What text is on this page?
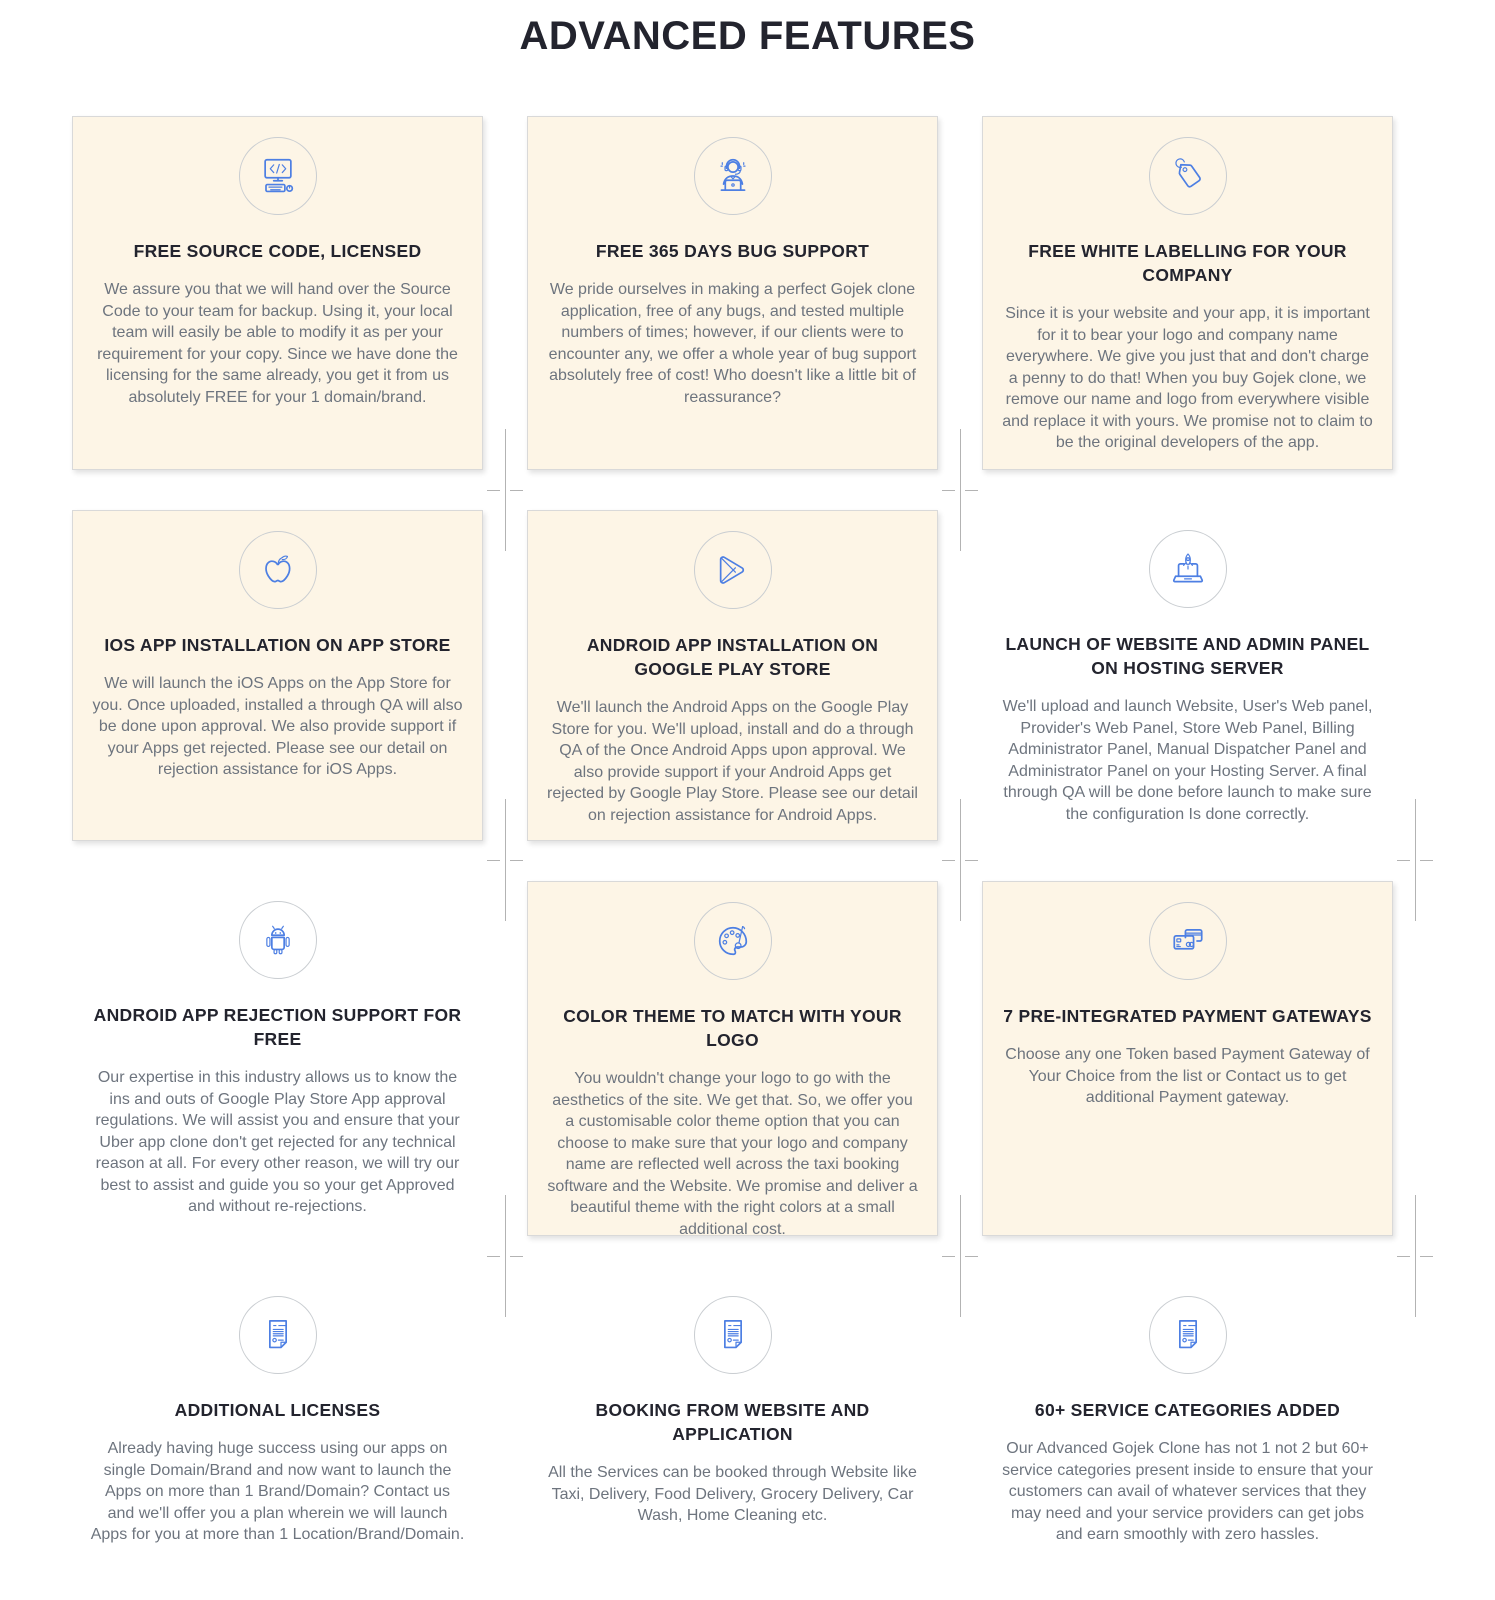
ADVANCED FEATURES
FREE SOURCE CODE, LICENSED

We assure you that we will hand over the Source Code to your team for backup. Using it, your local team will easily be able to modify it as per your requirement for your copy. Since we have done the licensing for the same already, you get it from us absolutely FREE for your 1 domain/brand.

FREE 365 DAYS BUG SUPPORT

We pride ourselves in making a perfect Gojek clone application, free of any bugs, and tested multiple numbers of times; however, if our clients were to encounter any, we offer a whole year of bug support absolutely free of cost! Who doesn't like a little bit of reassurance?

FREE WHITE LABELLING FOR YOUR COMPANY

Since it is your website and your app, it is important for it to bear your logo and company name everywhere. We give you just that and don't charge a penny to do that! When you buy Gojek clone, we remove our name and logo from everywhere visible and replace it with yours. We promise not to claim to be the original developers of the app.

IOS APP INSTALLATION ON APP STORE

We will launch the iOS Apps on the App Store for you. Once uploaded, installed a through QA will also be done upon approval. We also provide support if your Apps get rejected. Please see our detail on rejection assistance for iOS Apps.

ANDROID APP INSTALLATION ON GOOGLE PLAY STORE

We'll launch the Android Apps on the Google Play Store for you. We'll upload, install and do a through QA of the Once Android Apps upon approval. We also provide support if your Android Apps get rejected by Google Play Store. Please see our detail on rejection assistance for Android Apps.

LAUNCH OF WEBSITE AND ADMIN PANEL ON HOSTING SERVER

We'll upload and launch Website, User's Web panel, Provider's Web Panel, Store Web Panel, Billing Administrator Panel, Manual Dispatcher Panel and Administrator Panel on your Hosting Server. A final through QA will be done before launch to make sure the configuration Is done correctly.

ANDROID APP REJECTION SUPPORT FOR FREE

Our expertise in this industry allows us to know the ins and outs of Google Play Store App approval regulations. We will assist you and ensure that your Uber app clone don't get rejected for any technical reason at all. For every other reason, we will try our best to assist and guide you so your get Approved and without re-rejections.

COLOR THEME TO MATCH WITH YOUR LOGO

You wouldn't change your logo to go with the aesthetics of the site. We get that. So, we offer you a customisable color theme option that you can choose to make sure that your logo and company name are reflected well across the taxi booking software and the Website. We promise and deliver a beautiful theme with the right colors at a small additional cost.

7 PRE-INTEGRATED PAYMENT GATEWAYS

Choose any one Token based Payment Gateway of Your Choice from the list or Contact us to get additional Payment gateway.

ADDITIONAL LICENSES

Already having huge success using our apps on single Domain/Brand and now want to launch the Apps on more than 1 Brand/Domain? Contact us and we'll offer you a plan wherein we will launch Apps for you at more than 1 Location/Brand/Domain.

BOOKING FROM WEBSITE AND APPLICATION

All the Services can be booked through Website like Taxi, Delivery, Food Delivery, Grocery Delivery, Car Wash, Home Cleaning etc.

60+ SERVICE CATEGORIES ADDED

Our Advanced Gojek Clone has not 1 not 2 but 60+ service categories present inside to ensure that your customers can avail of whatever services that they may need and your service providers can get jobs and earn smoothly with zero hassles.
